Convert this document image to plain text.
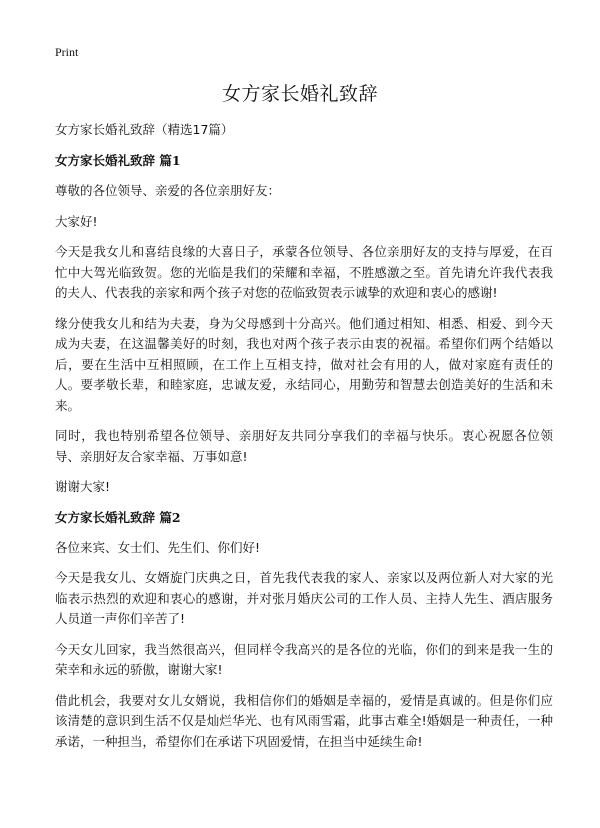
Print
女方家长婚礼致辞

女方家长婚礼致辞（精选17篇）

女方家长婚礼致辞 篇1

尊敬的各位领导、亲爱的各位亲朋好友：

大家好!

今天是我女儿和喜结良缘的大喜日子，承蒙各位领导、各位亲朋好友的支持与厚爱，在百忙中大驾光临致贺。您的光临是我们的荣耀和幸福，不胜感激之至。首先请允许我代表我的夫人、代表我的亲家和两个孩子对您的莅临致贺表示诚挚的欢迎和衷心的感谢!

缘分使我女儿和结为夫妻，身为父母感到十分高兴。他们通过相知、相悉、相爱、到今天成为夫妻，在这温馨美好的时刻，我也对两个孩子表示由衷的祝福。希望你们两个结婚以后，要在生活中互相照顾，在工作上互相支持，做对社会有用的人，做对家庭有责任的人。要孝敬长辈，和睦家庭，忠诚友爱，永结同心，用勤劳和智慧去创造美好的生活和未来。

同时，我也特别希望各位领导、亲朋好友共同分享我们的幸福与快乐。衷心祝愿各位领导、亲朋好友合家幸福、万事如意!

谢谢大家!

女方家长婚礼致辞 篇2

各位来宾、女士们、先生们、你们好!

今天是我女儿、女婿旋门庆典之日，首先我代表我的家人、亲家以及两位新人对大家的光临表示热烈的欢迎和衷心的感谢，并对张月婚庆公司的工作人员、主持人先生、酒店服务人员道一声你们辛苦了!

今天女儿回家，我当然很高兴，但同样令我高兴的是各位的光临，你们的到来是我一生的荣幸和永远的骄傲，谢谢大家!

借此机会，我要对女儿女婿说，我相信你们的婚姻是幸福的，爱情是真诚的。但是你们应该清楚的意识到生活不仅是灿烂华光、也有风雨雪霜，此事古难全!婚姻是一种责任，一种承诺，一种担当，希望你们在承诺下巩固爱情，在担当中延续生命!
